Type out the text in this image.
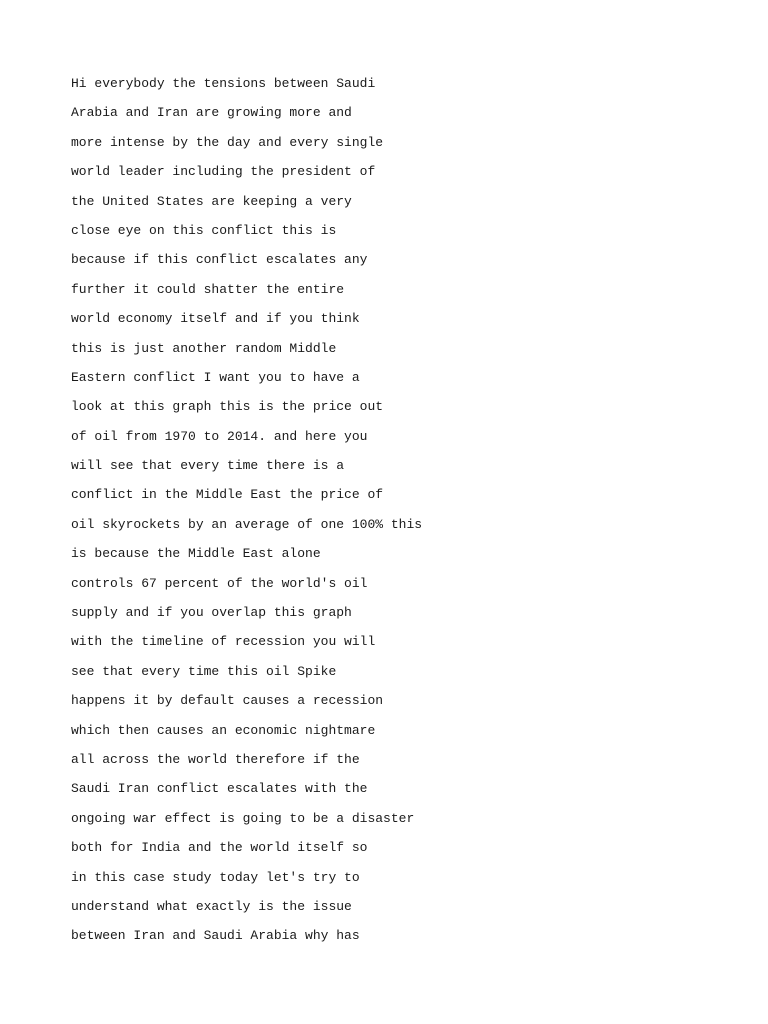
Hi everybody the tensions between Saudi

Arabia and Iran are growing more and

more intense by the day and every single

world leader including the president of

the United States are keeping a very

close eye on this conflict this is

because if this conflict escalates any

further it could shatter the entire

world economy itself and if you think

this is just another random Middle

Eastern conflict I want you to have a

look at this graph this is the price out

of oil from 1970 to 2014. and here you

will see that every time there is a

conflict in the Middle East the price of

oil skyrockets by an average of one 100% this

is because the Middle East alone

controls 67 percent of the world's oil

supply and if you overlap this graph

with the timeline of recession you will

see that every time this oil Spike

happens it by default causes a recession

which then causes an economic nightmare

all across the world therefore if the

Saudi Iran conflict escalates with the

ongoing war effect is going to be a disaster

both for India and the world itself so

in this case study today let's try to

understand what exactly is the issue

between Iran and Saudi Arabia why has
